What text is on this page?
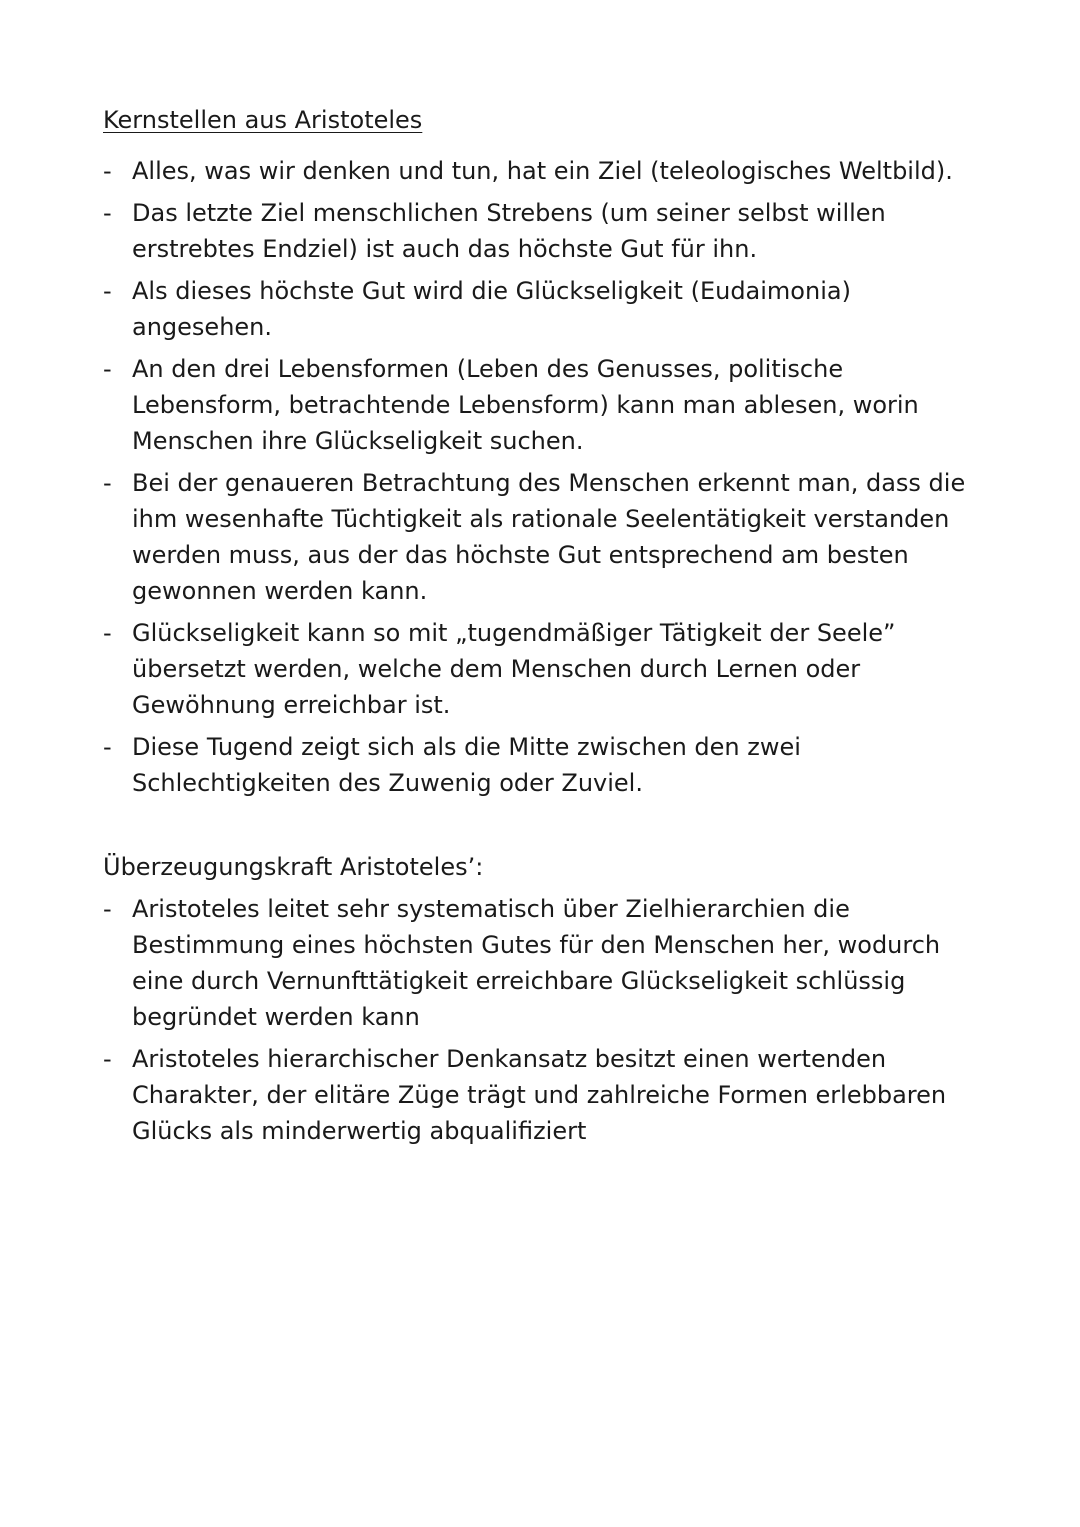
Kernstellen aus Aristoteles
- Alles, was wir denken und tun, hat ein Ziel (teleologisches Weltbild).
- Das letzte Ziel menschlichen Strebens (um seiner selbst willen erstrebtes Endziel) ist auch das höchste Gut für ihn.
- Als dieses höchste Gut wird die Glückseligkeit (Eudaimonia) angesehen.
- An den drei Lebensformen (Leben des Genusses, politische Lebensform, betrachtende Lebensform) kann man ablesen, worin Menschen ihre Glückseligkeit suchen.
- Bei der genaueren Betrachtung des Menschen erkennt man, dass die ihm wesenhafte Tüchtigkeit als rationale Seelentätigkeit verstanden werden muss, aus der das höchste Gut entsprechend am besten gewonnen werden kann.
- Glückseligkeit kann so mit „tugendmäßiger Tätigkeit der Seele” übersetzt werden, welche dem Menschen durch Lernen oder Gewöhnung erreichbar ist.
- Diese Tugend zeigt sich als die Mitte zwischen den zwei Schlechtigkeiten des Zuwenig oder Zuviel.
Überzeugungskraft Aristoteles’:
- Aristoteles leitet sehr systematisch über Zielhierarchien die Bestimmung eines höchsten Gutes für den Menschen her, wodurch eine durch Vernunfttätigkeit erreichbare Glückseligkeit schlüssig begründet werden kann
- Aristoteles hierarchischer Denkansatz besitzt einen wertenden Charakter, der elitäre Züge trägt und zahlreiche Formen erlebbaren Glücks als minderwertig abqualifiziert
